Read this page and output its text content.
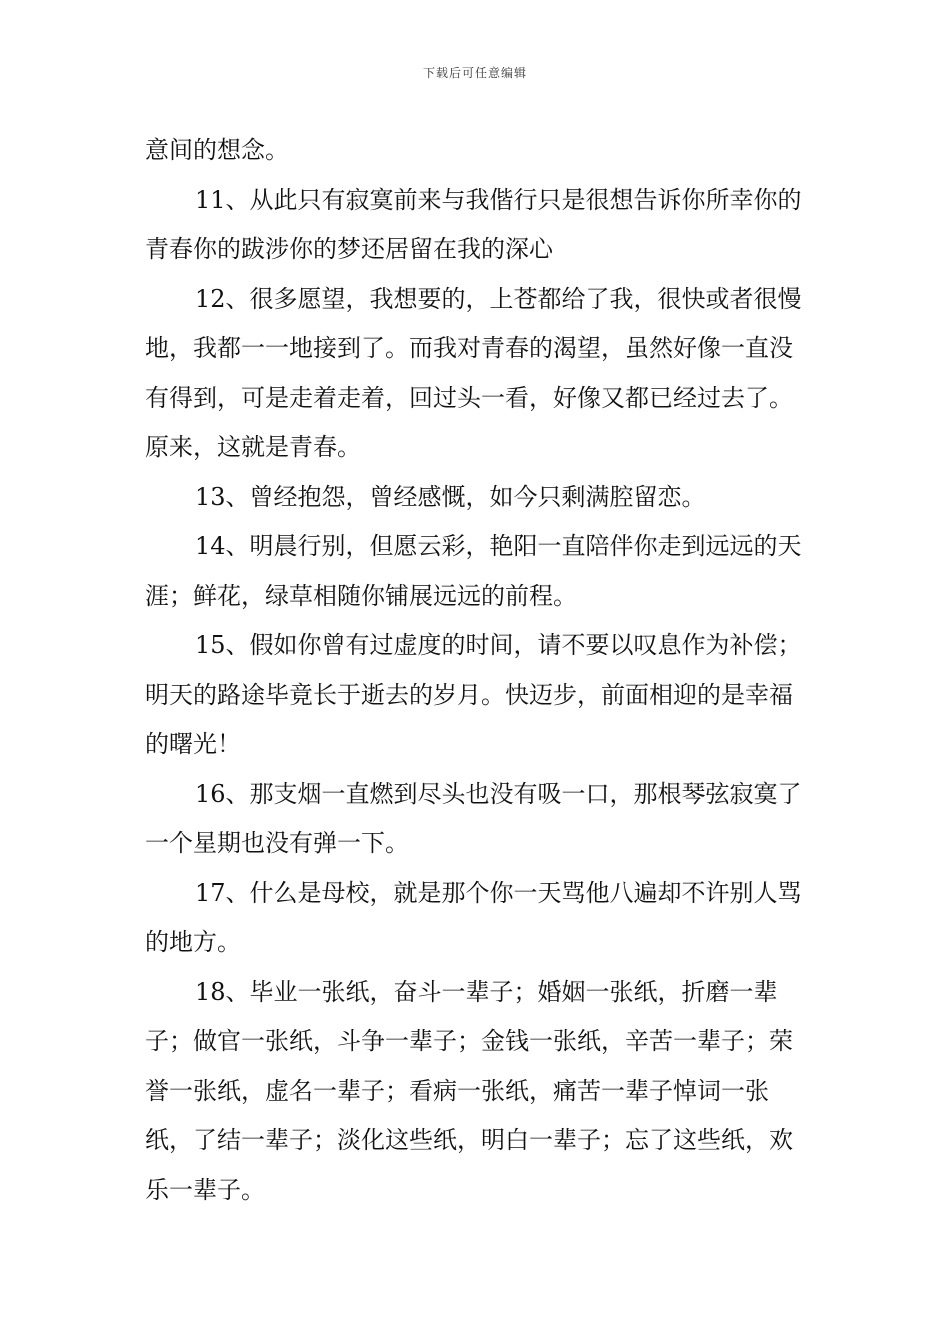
下载后可任意编辑

意间的想念。

11、从此只有寂寞前来与我偕行只是很想告诉你所幸你的青春你的跋涉你的梦还居留在我的深心

12、很多愿望，我想要的，上苍都给了我，很快或者很慢地，我都一一地接到了。而我对青春的渴望，虽然好像一直没有得到，可是走着走着，回过头一看，好像又都已经过去了。原来，这就是青春。

13、曾经抱怨，曾经感慨，如今只剩满腔留恋。

14、明晨行别，但愿云彩，艳阳一直陪伴你走到远远的天涯；鲜花，绿草相随你铺展远远的前程。

15、假如你曾有过虚度的时间，请不要以叹息作为补偿；明天的路途毕竟长于逝去的岁月。快迈步，前面相迎的是幸福的曙光！

16、那支烟一直燃到尽头也没有吸一口，那根琴弦寂寞了一个星期也没有弹一下。

17、什么是母校，就是那个你一天骂他八遍却不许别人骂的地方。

18、毕业一张纸，奋斗一辈子；婚姻一张纸，折磨一辈子；做官一张纸，斗争一辈子；金钱一张纸，辛苦一辈子；荣誉一张纸，虚名一辈子；看病一张纸，痛苦一辈子悼词一张纸，了结一辈子；淡化这些纸，明白一辈子；忘了这些纸，欢乐一辈子。
